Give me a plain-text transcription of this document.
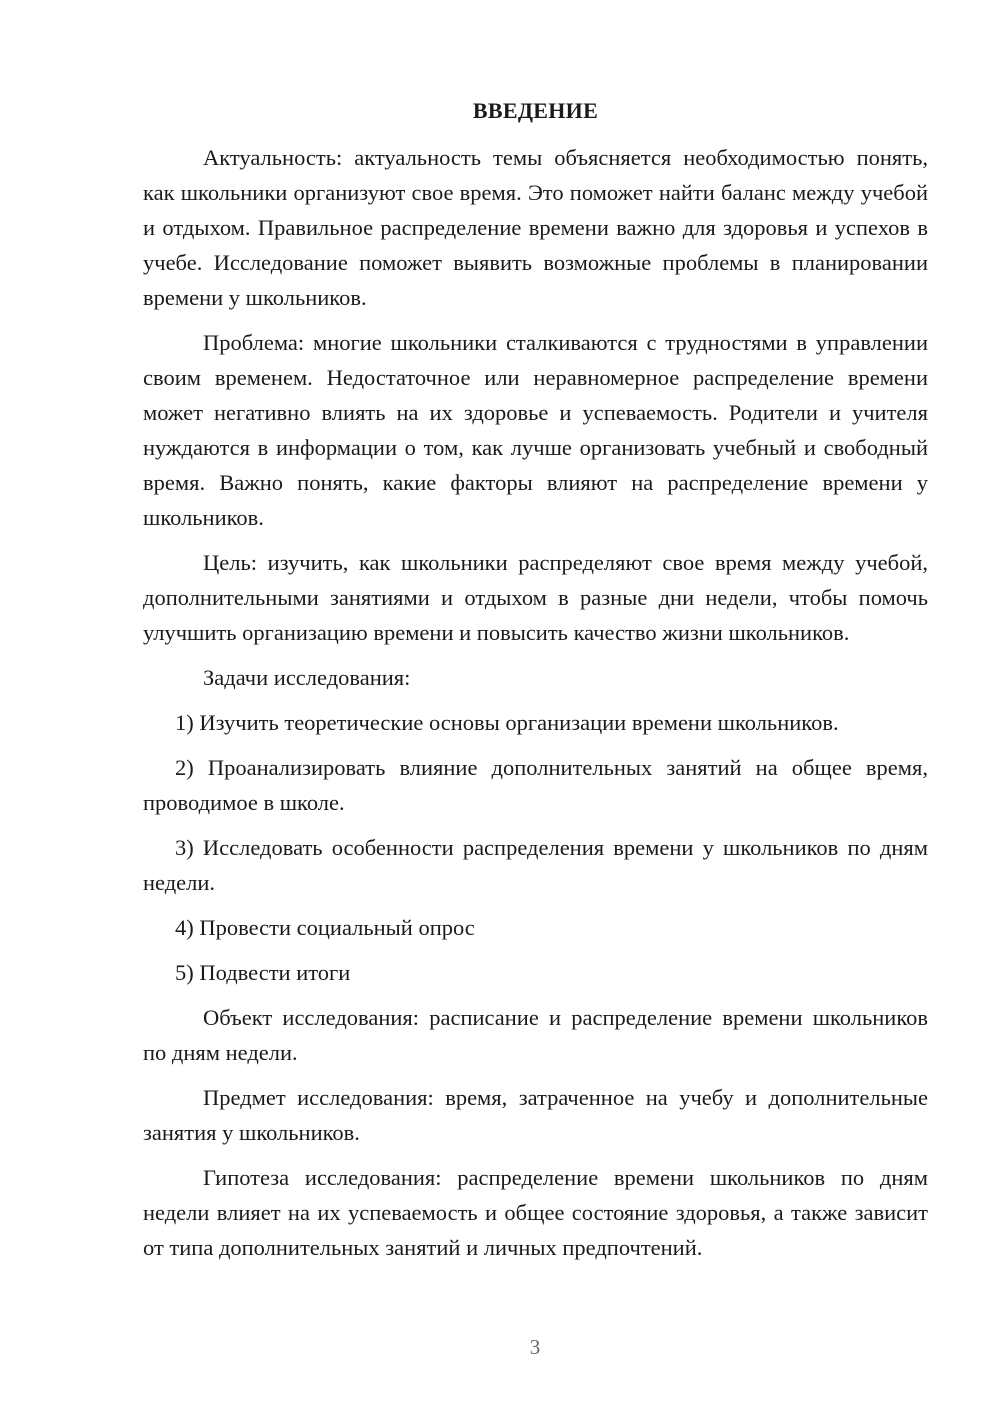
ВВЕДЕНИЕ

Актуальность: актуальность темы объясняется необходимостью понять, как школьники организуют свое время. Это поможет найти баланс между учебой и отдыхом. Правильное распределение времени важно для здоровья и успехов в учебе. Исследование поможет выявить возможные проблемы в планировании времени у школьников.

Проблема: многие школьники сталкиваются с трудностями в управлении своим временем. Недостаточное или неравномерное распределение времени может негативно влиять на их здоровье и успеваемость. Родители и учителя нуждаются в информации о том, как лучше организовать учебный и свободный время. Важно понять, какие факторы влияют на распределение времени у школьников.

Цель: изучить, как школьники распределяют свое время между учебой, дополнительными занятиями и отдыхом в разные дни недели, чтобы помочь улучшить организацию времени и повысить качество жизни школьников.

Задачи исследования:

1) Изучить теоретические основы организации времени школьников.

2) Проанализировать влияние дополнительных занятий на общее время, проводимое в школе.

3) Исследовать особенности распределения времени у школьников по дням недели.

4) Провести социальный опрос

5) Подвести итоги

Объект исследования: расписание и распределение времени школьников по дням недели.

Предмет исследования: время, затраченное на учебу и дополнительные занятия у школьников.

Гипотеза исследования: распределение времени школьников по дням недели влияет на их успеваемость и общее состояние здоровья, а также зависит от типа дополнительных занятий и личных предпочтений.

3
